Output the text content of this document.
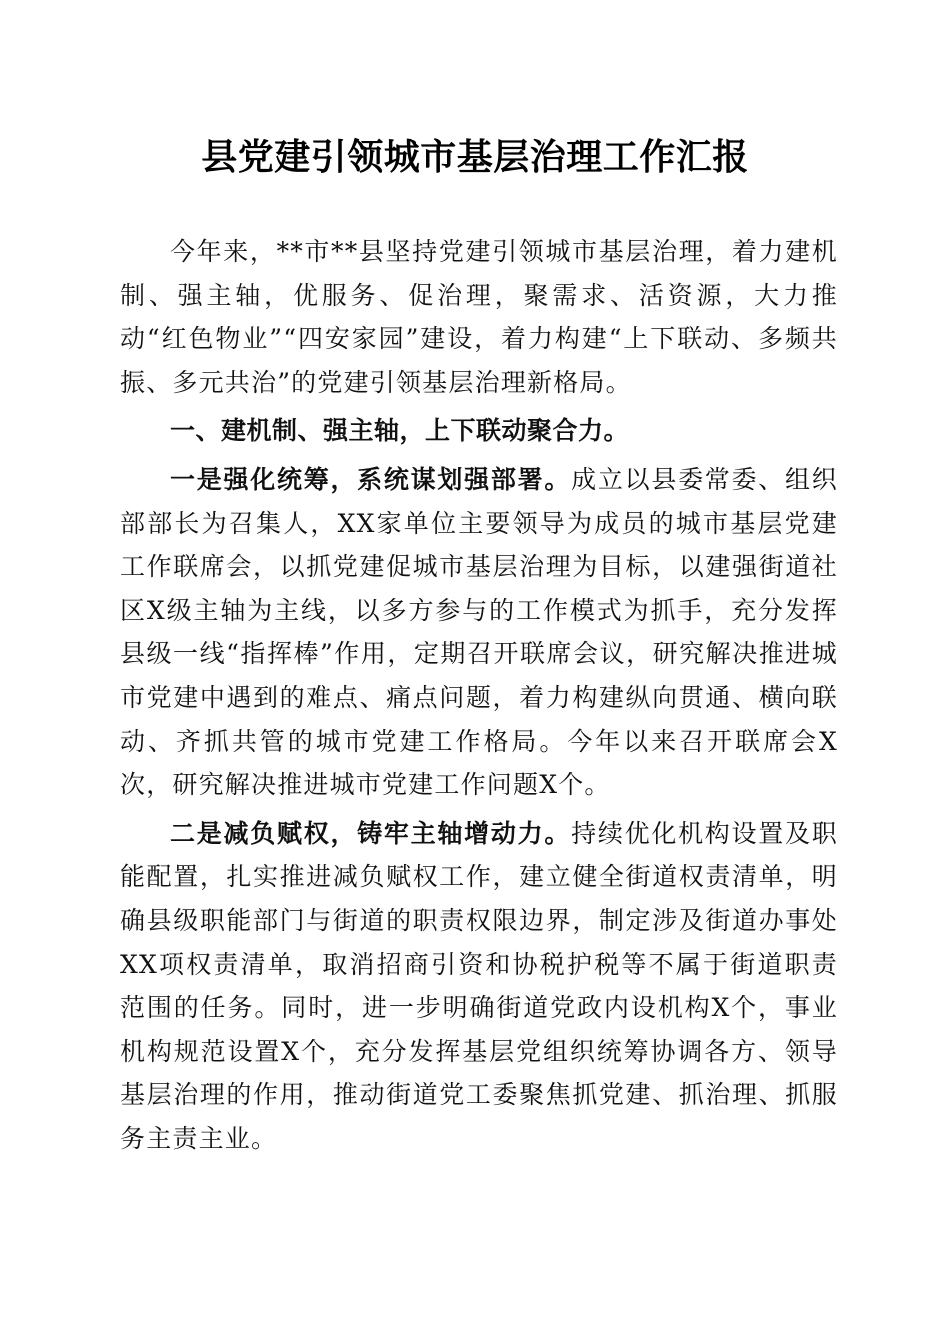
县党建引领城市基层治理工作汇报

今年来，**市**县坚持党建引领城市基层治理，着力建机制、强主轴，优服务、促治理，聚需求、活资源，大力推动“红色物业”“四安家园”建设，着力构建“上下联动、多频共振、多元共治”的党建引领基层治理新格局。

一、建机制、强主轴，上下联动聚合力。

一是强化统筹，系统谋划强部署。成立以县委常委、组织部部长为召集人，XX家单位主要领导为成员的城市基层党建工作联席会，以抓党建促城市基层治理为目标，以建强街道社区X级主轴为主线，以多方参与的工作模式为抓手，充分发挥县级一线“指挥棒”作用，定期召开联席会议，研究解决推进城市党建中遇到的难点、痛点问题，着力构建纵向贯通、横向联动、齐抓共管的城市党建工作格局。今年以来召开联席会X次，研究解决推进城市党建工作问题X个。

二是减负赋权，铸牢主轴增动力。持续优化机构设置及职能配置，扎实推进减负赋权工作，建立健全街道权责清单，明确县级职能部门与街道的职责权限边界，制定涉及街道办事处XX项权责清单，取消招商引资和协税护税等不属于街道职责范围的任务。同时，进一步明确街道党政内设机构X个，事业机构规范设置X个，充分发挥基层党组织统筹协调各方、领导基层治理的作用，推动街道党工委聚焦抓党建、抓治理、抓服务主责主业。
